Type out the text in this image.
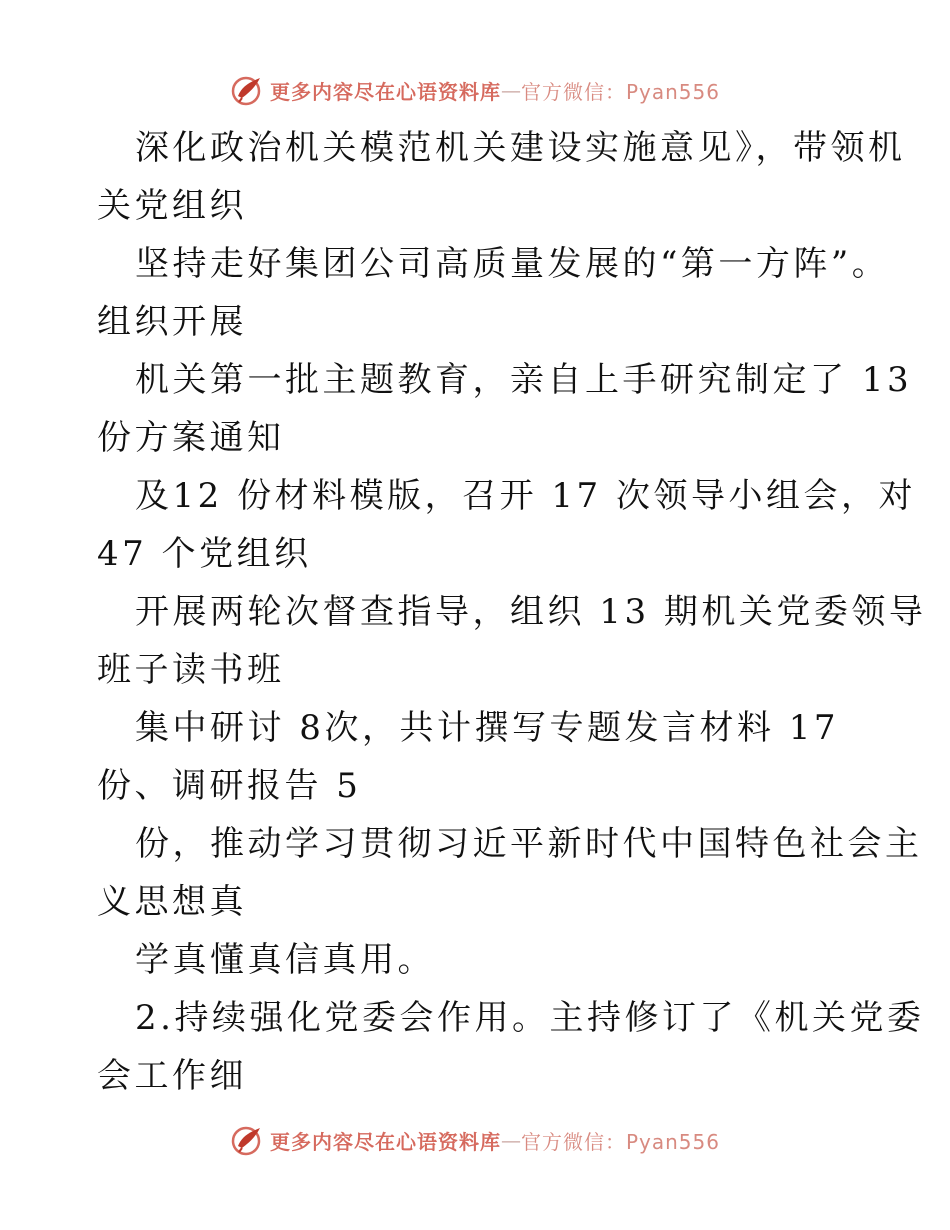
更多内容尽在心语资料库 — 官方微信：Pyan556
深化政治机关模范机关建设实施意见》，带领机
关党组织
坚持走好集团公司高质量发展的“第一方阵”。
组织开展
机关第一批主题教育，亲自上手研究制定了 13
份方案通知
及12 份材料模版，召开 17 次领导小组会，对
47 个党组织
开展两轮次督查指导，组织 13 期机关党委领导
班子读书班
集中研讨 8次，共计撰写专题发言材料 17
份、调研报告 5
份，推动学习贯彻习近平新时代中国特色社会主
义思想真
学真懂真信真用。
2.持续强化党委会作用。主持修订了《机关党委
会工作细
更多内容尽在心语资料库 — 官方微信：Pyan556
